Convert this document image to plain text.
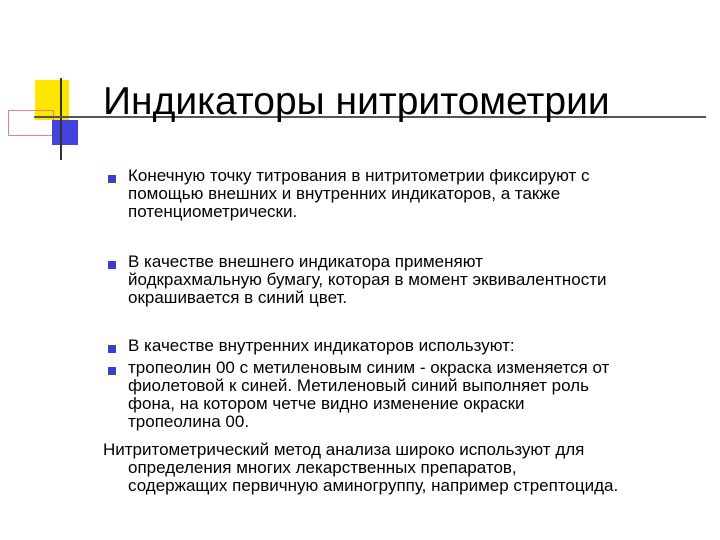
Индикаторы нитритометрии
Конечную точку титрования в нитритометрии фиксируют с
помощью внешних и внутренних индикаторов, а также
потенциометрически.
В качестве внешнего индикатора применяют
йодкрахмальную бумагу, которая в момент эквивалентности
окрашивается в синий цвет.
В качестве внутренних индикаторов используют:
тропеолин 00 с метиленовым синим - окраска изменяется от
фиолетовой к синей. Метиленовый синий выполняет роль
фона, на котором четче видно изменение окраски
тропеолина 00.
Нитритометрический метод анализа широко используют для
определения многих лекарственных препаратов,
содержащих первичную аминогруппу, например стрептоцида.
